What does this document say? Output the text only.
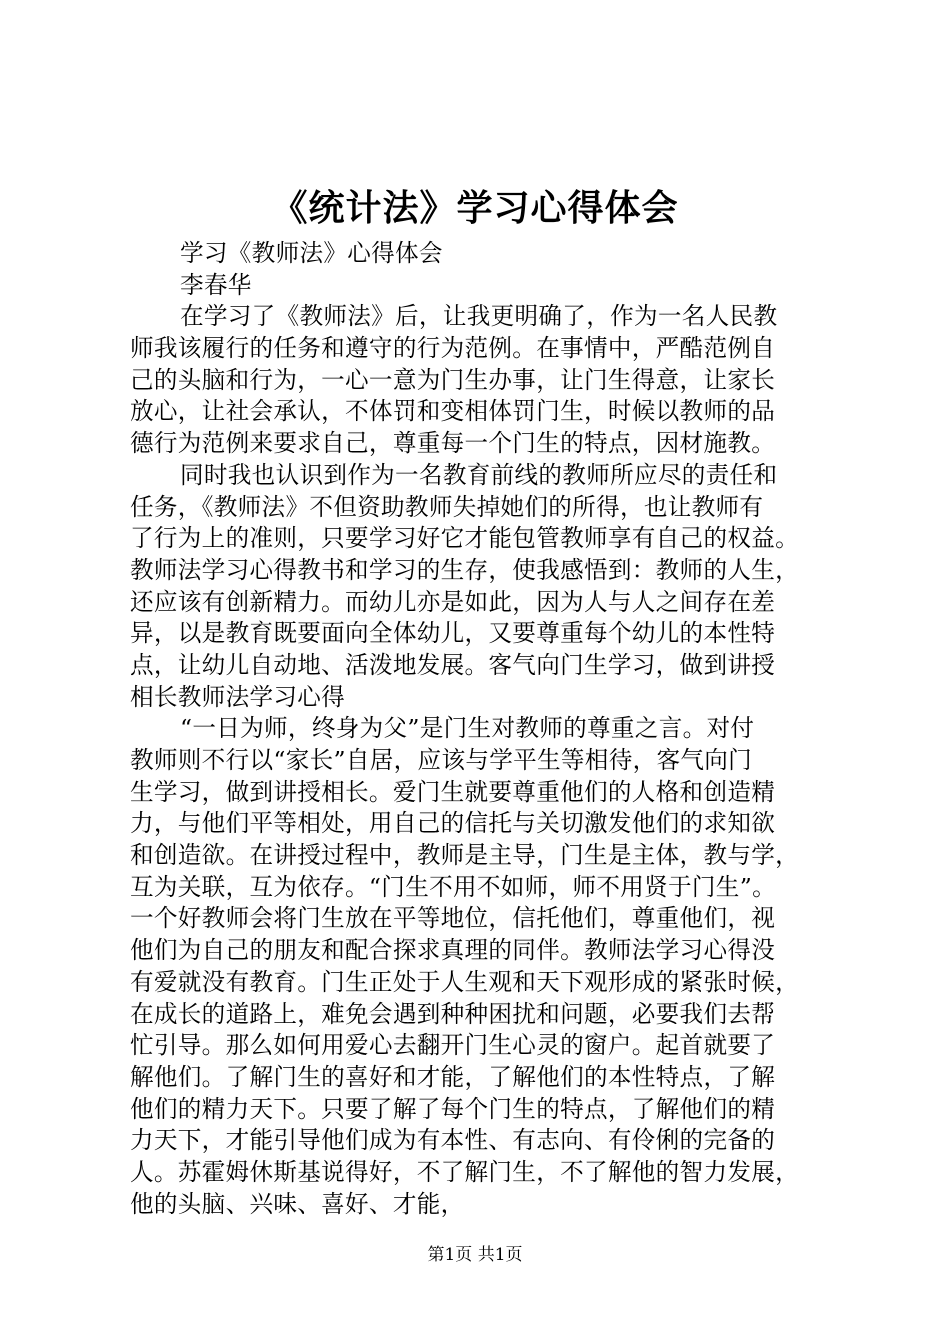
《统计法》学习心得体会
学习《教师法》心得体会
李春华
在学习了《教师法》后，让我更明确了，作为一名人民教
师我该履行的任务和遵守的行为范例。在事情中，严酷范例自
己的头脑和行为，一心一意为门生办事，让门生得意，让家长
放心，让社会承认，不体罚和变相体罚门生，时候以教师的品
德行为范例来要求自己，尊重每一个门生的特点，因材施教。
同时我也认识到作为一名教育前线的教师所应尽的责任和
任务，《教师法》不但资助教师失掉她们的所得，也让教师有
了行为上的准则，只要学习好它才能包管教师享有自己的权益。
教师法学习心得教书和学习的生存，使我感悟到：教师的人生，
还应该有创新精力。而幼儿亦是如此，因为人与人之间存在差
异，以是教育既要面向全体幼儿，又要尊重每个幼儿的本性特
点，让幼儿自动地、活泼地发展。客气向门生学习，做到讲授
相长教师法学习心得
“一日为师，终身为父”是门生对教师的尊重之言。对付
教师则不行以“家长”自居，应该与学平生等相待，客气向门
生学习，做到讲授相长。爱门生就要尊重他们的人格和创造精
力，与他们平等相处，用自己的信托与关切激发他们的求知欲
和创造欲。在讲授过程中，教师是主导，门生是主体，教与学，
互为关联，互为依存。“门生不用不如师，师不用贤于门生”。
一个好教师会将门生放在平等地位，信托他们，尊重他们，视
他们为自己的朋友和配合探求真理的同伴。教师法学习心得没
有爱就没有教育。门生正处于人生观和天下观形成的紧张时候，
在成长的道路上，难免会遇到种种困扰和问题，必要我们去帮
忙引导。那么如何用爱心去翻开门生心灵的窗户。起首就要了
解他们。了解门生的喜好和才能，了解他们的本性特点，了解
他们的精力天下。只要了解了每个门生的特点，了解他们的精
力天下，才能引导他们成为有本性、有志向、有伶俐的完备的
人。苏霍姆休斯基说得好，不了解门生，不了解他的智力发展，
他的头脑、兴味、喜好、才能，
第1页 共1页
